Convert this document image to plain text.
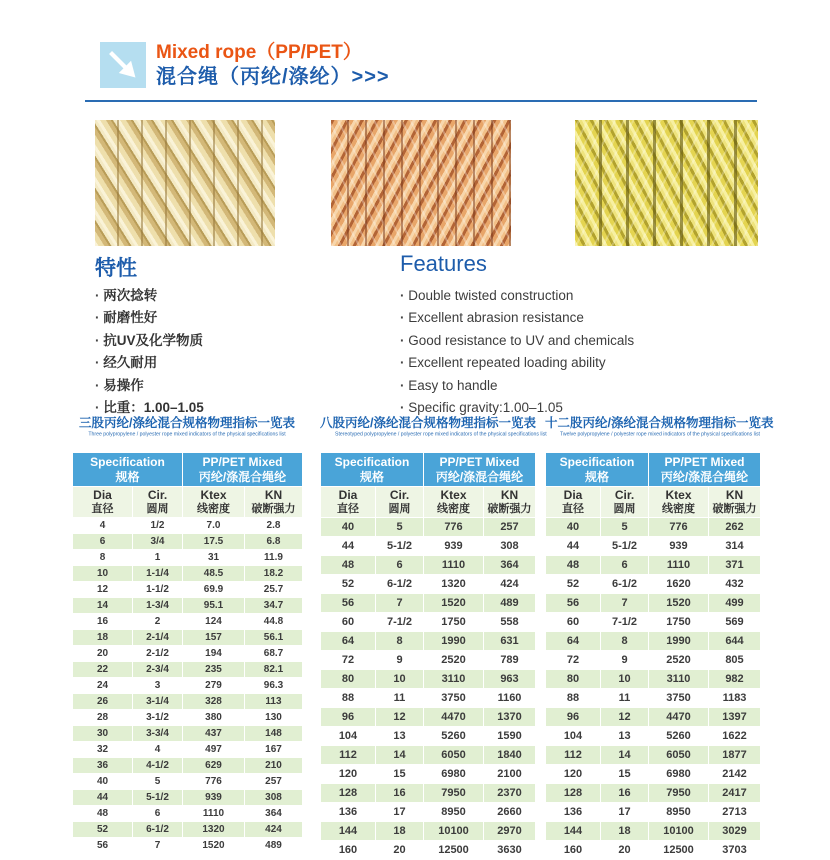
Mixed rope（PP/PET）
混合绳（丙纶/涤纶）>>>
特性
· 两次捻转
· 耐磨性好
· 抗UV及化学物质
· 经久耐用
· 易操作
· 比重：1.00–1.05
Features
· Double twisted construction
· Excellent abrasion resistance
· Good resistance to UV and chemicals
· Excellent repeated loading ability
· Easy to handle
· Specific gravity:1.00–1.05
三股丙纶/涤纶混合规格物理指标一览表
Three polypropylene / polyester rope mixed indicators of the physical specifications list
八股丙纶/涤纶混合规格物理指标一览表
Stereotyped polypropylene / polyester rope mixed indicators of the physical specifications list
十二股丙纶/涤纶混合规格物理指标一览表
Twelve polypropylene / polyester rope mixed indicators of the physical specifications list
Specification
规格

PP/PET Mixed
丙纶/涤混合绳纶

Dia
直径

Cir.
圆周

Ktex
线密度

KN
破断强力

4	1/2	7.0	2.8
6	3/4	17.5	6.8
8	1	31	11.9
10	1-1/4	48.5	18.2
12	1-1/2	69.9	25.7
14	1-3/4	95.1	34.7
16	2	124	44.8
18	2-1/4	157	56.1
20	2-1/2	194	68.7
22	2-3/4	235	82.1
24	3	279	96.3
26	3-1/4	328	113
28	3-1/2	380	130
30	3-3/4	437	148
32	4	497	167
36	4-1/2	629	210
40	5	776	257
44	5-1/2	939	308
48	6	1110	364
52	6-1/2	1320	424
56	7	1520	489
Specification
规格

PP/PET Mixed
丙纶/涤混合绳纶

Dia
直径

Cir.
圆周

Ktex
线密度

KN
破断强力

40	5	776	257
44	5-1/2	939	308
48	6	1110	364
52	6-1/2	1320	424
56	7	1520	489
60	7-1/2	1750	558
64	8	1990	631
72	9	2520	789
80	10	3110	963
88	11	3750	1160
96	12	4470	1370
104	13	5260	1590
112	14	6050	1840
120	15	6980	2100
128	16	7950	2370
136	17	8950	2660
144	18	10100	2970
160	20	12500	3630
Specification
规格

PP/PET Mixed
丙纶/涤混合绳纶

Dia
直径

Cir.
圆周

Ktex
线密度

KN
破断强力

40	5	776	262
44	5-1/2	939	314
48	6	1110	371
52	6-1/2	1620	432
56	7	1520	499
60	7-1/2	1750	569
64	8	1990	644
72	9	2520	805
80	10	3110	982
88	11	3750	1183
96	12	4470	1397
104	13	5260	1622
112	14	6050	1877
120	15	6980	2142
128	16	7950	2417
136	17	8950	2713
144	18	10100	3029
160	20	12500	3703
